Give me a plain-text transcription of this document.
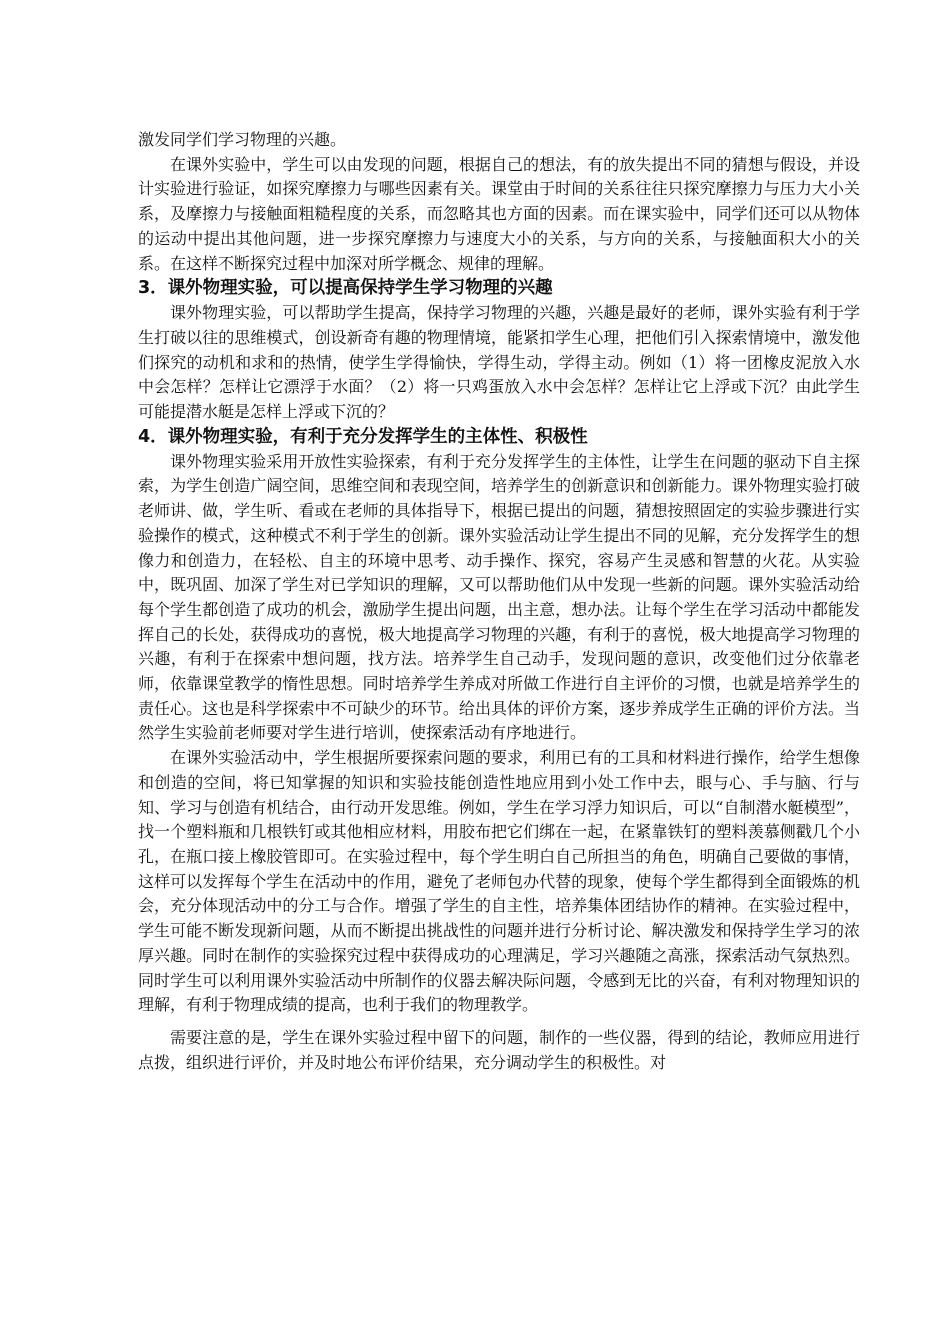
激发同学们学习物理的兴趣。

在课外实验中，学生可以由发现的问题，根据自己的想法，有的放失提出不同的猜想与假设，并设计实验进行验证，如探究摩擦力与哪些因素有关。课堂由于时间的关系往往只探究摩擦力与压力大小关系，及摩擦力与接触面粗糙程度的关系，而忽略其也方面的因素。而在课实验中，同学们还可以从物体的运动中提出其他问题，进一步探究摩擦力与速度大小的关系，与方向的关系，与接触面积大小的关系。在这样不断探究过程中加深对所学概念、规律的理解。

3．课外物理实验，可以提高保持学生学习物理的兴趣

课外物理实验，可以帮助学生提高，保持学习物理的兴趣，兴趣是最好的老师，课外实验有利于学生打破以往的思维模式，创设新奇有趣的物理情境，能紧扣学生心理，把他们引入探索情境中，激发他们探究的动机和求和的热情，使学生学得愉快，学得生动，学得主动。例如（1）将一团橡皮泥放入水中会怎样？怎样让它漂浮于水面？（2）将一只鸡蛋放入水中会怎样？怎样让它上浮或下沉？由此学生可能提潜水艇是怎样上浮或下沉的？

4．课外物理实验，有利于充分发挥学生的主体性、积极性

课外物理实验采用开放性实验探索，有利于充分发挥学生的主体性，让学生在问题的驱动下自主探索，为学生创造广阔空间，思维空间和表现空间，培养学生的创新意识和创新能力。课外物理实验打破老师讲、做，学生听、看或在老师的具体指导下，根据已提出的问题，猜想按照固定的实验步骤进行实验操作的模式，这种模式不利于学生的创新。课外实验活动让学生提出不同的见解，充分发挥学生的想像力和创造力，在轻松、自主的环境中思考、动手操作、探究，容易产生灵感和智慧的火花。从实验中，既巩固、加深了学生对已学知识的理解，又可以帮助他们从中发现一些新的问题。课外实验活动给每个学生都创造了成功的机会，激励学生提出问题，出主意，想办法。让每个学生在学习活动中都能发挥自己的长处，获得成功的喜悦，极大地提高学习物理的兴趣，有利于的喜悦，极大地提高学习物理的兴趣，有利于在探索中想问题，找方法。培养学生自己动手，发现问题的意识，改变他们过分依靠老师，依靠课堂教学的惰性思想。同时培养学生养成对所做工作进行自主评价的习惯，也就是培养学生的责任心。这也是科学探索中不可缺少的环节。给出具体的评价方案，逐步养成学生正确的评价方法。当然学生实验前老师要对学生进行培训，使探索活动有序地进行。

在课外实验活动中，学生根据所要探索问题的要求，利用已有的工具和材料进行操作，给学生想像和创造的空间，将已知掌握的知识和实验技能创造性地应用到小处工作中去，眼与心、手与脑、行与知、学习与创造有机结合，由行动开发思维。例如，学生在学习浮力知识后，可以“自制潜水艇模型”，找一个塑料瓶和几根铁钉或其他相应材料，用胶布把它们绑在一起，在紧靠铁钉的塑料羡慕侧戳几个小孔，在瓶口接上橡胶管即可。在实验过程中，每个学生明白自己所担当的角色，明确自己要做的事情，这样可以发挥每个学生在活动中的作用，避免了老师包办代替的现象，使每个学生都得到全面锻炼的机会，充分体现活动中的分工与合作。增强了学生的自主性，培养集体团结协作的精神。在实验过程中，学生可能不断发现新问题，从而不断提出挑战性的问题并进行分析讨论、解决激发和保持学生学习的浓厚兴趣。同时在制作的实验探究过程中获得成功的心理满足，学习兴趣随之高涨，探索活动气氛热烈。同时学生可以利用课外实验活动中所制作的仪器去解决际问题，令感到无比的兴奋，有利对物理知识的理解，有利于物理成绩的提高，也利于我们的物理教学。

需要注意的是，学生在课外实验过程中留下的问题，制作的一些仪器，得到的结论，教师应用进行点拨，组织进行评价，并及时地公布评价结果，充分调动学生的积极性。对
